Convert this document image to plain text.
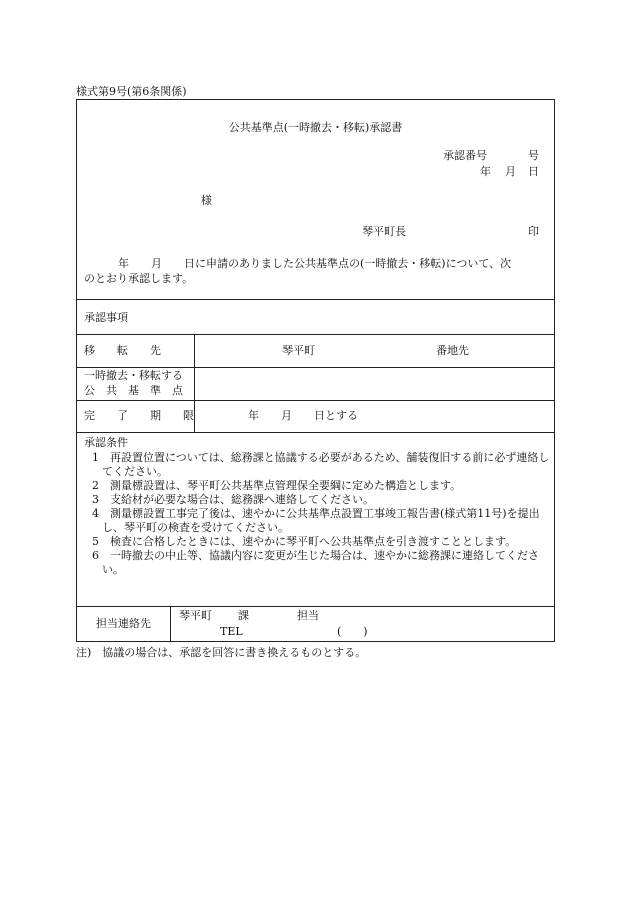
様式第9号(第6条関係)
公共基準点(一時撤去・移転)承認書
承認番号	号
年 月 日
様
琴平町長	印
年　　月　　日に申請のありました公共基準点の(一時撤去・移転)について、次
のとおり承認します。
承認事項
移　　転　　先	琴平町	番地先
一時撤去・移転する
公　共　基　準　点
完　　了　　期　　限	年　　月　　日とする
承認条件
1　再設置位置については、総務課と協議する必要があるため、舗装復旧する前に必ず連絡してください。
2　測量標設置は、琴平町公共基準点管理保全要綱に定めた構造とします。
3　支給材が必要な場合は、総務課へ連絡してください。
4　測量標設置工事完了後は、速やかに公共基準点設置工事竣工報告書(様式第11号)を提出し、琴平町の検査を受けてください。
5　検査に合格したときには、速やかに琴平町へ公共基準点を引き渡すこととします。
6　一時撤去の中止等、協議内容に変更が生じた場合は、速やかに総務課に連絡してください。
担当連絡先
琴平町 課	担当
TEL	(　　)
注)　協議の場合は、承認を回答に書き換えるものとする。
